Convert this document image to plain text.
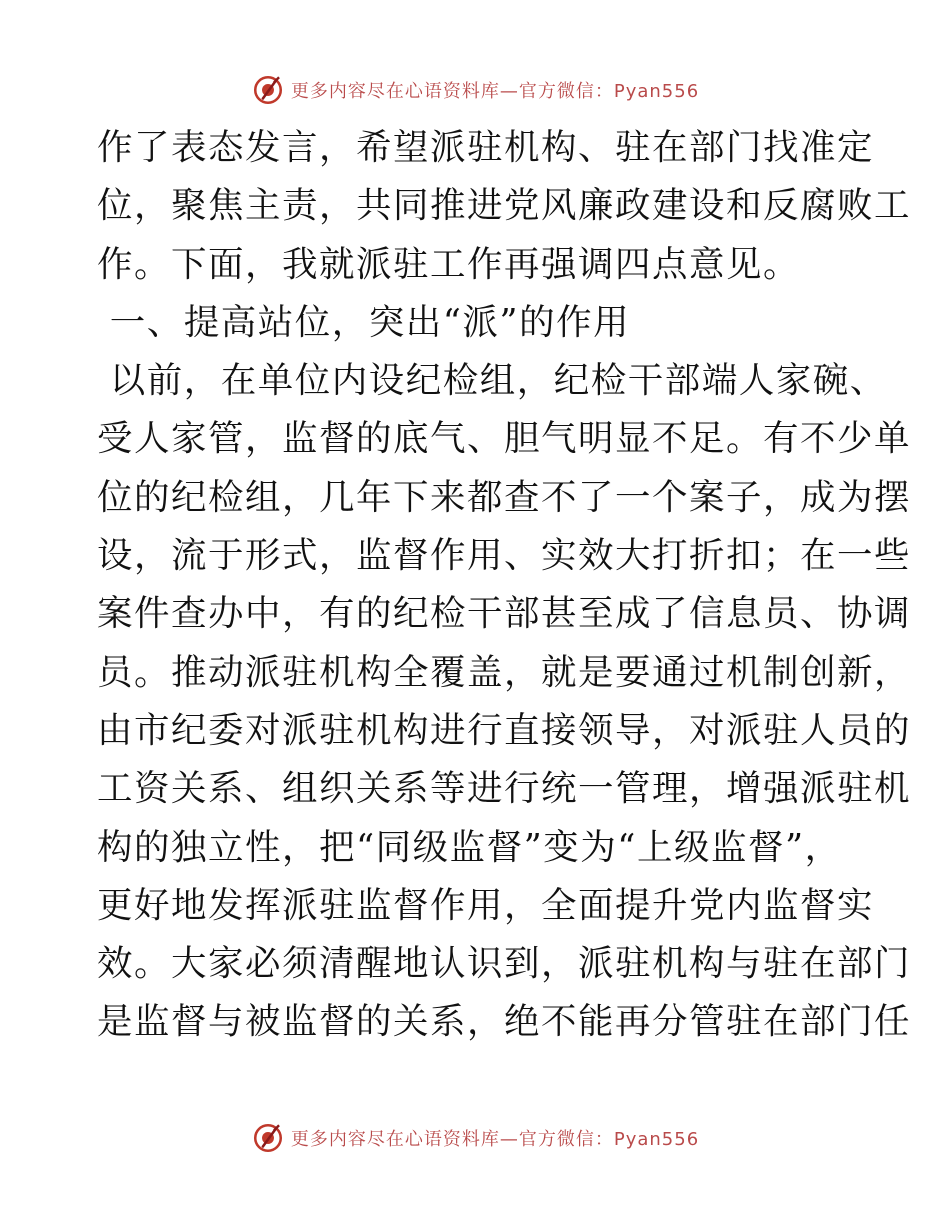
更多内容尽在心语资料库—官方微信：Pyan556
作了表态发言，希望派驻机构、驻在部门找准定
位，聚焦主责，共同推进党风廉政建设和反腐败工
作。下面，我就派驻工作再强调四点意见。
一、提高站位，突出“派”的作用
以前，在单位内设纪检组，纪检干部端人家碗、
受人家管，监督的底气、胆气明显不足。有不少单
位的纪检组，几年下来都查不了一个案子，成为摆
设，流于形式，监督作用、实效大打折扣；在一些
案件查办中，有的纪检干部甚至成了信息员、协调
员。推动派驻机构全覆盖，就是要通过机制创新，
由市纪委对派驻机构进行直接领导，对派驻人员的
工资关系、组织关系等进行统一管理，增强派驻机
构的独立性，把“同级监督”变为“上级监督”，
更好地发挥派驻监督作用，全面提升党内监督实
效。大家必须清醒地认识到，派驻机构与驻在部门
是监督与被监督的关系，绝不能再分管驻在部门任
更多内容尽在心语资料库—官方微信：Pyan556
